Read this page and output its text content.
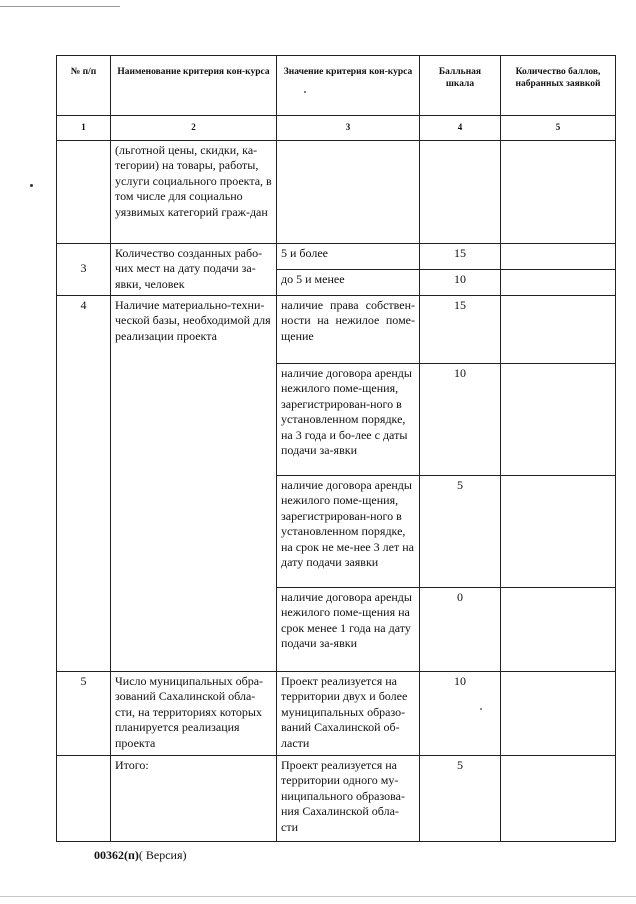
№ п/п	Наименование критерия кон-курса	Значение критерия кон-курса	Балльная шкала	Количество баллов, набранных заявкой
1	2	3	4	5
	(льготной цены, скидки, ка-тегории) на товары, работы, услуги социального проекта, в том числе для социально уязвимых категорий граж-дан			
3	Количество созданных рабо-чих мест на дату подачи за-явки, человек	5 и более	15	
		до 5 и менее	10	
4	Наличие материально-техни-ческой базы, необходимой для реализации проекта	наличие права собствен-ности на нежилое поме-щение	15	
		наличие договора аренды нежилого поме-щения, зарегистрирован-ного в установленном порядке, на 3 года и бо-лее с даты подачи за-явки	10	
		наличие договора аренды нежилого поме-щения, зарегистрирован-ного в установленном порядке, на срок не ме-нее 3 лет на дату подачи заявки	5	
		наличие договора аренды нежилого поме-щения на срок менее 1 года на дату подачи за-явки	0	
5	Число муниципальных обра-зований Сахалинской обла-сти, на территориях которых планируется реализация проекта	Проект реализуется на территории двух и более муниципальных образо-ваний Сахалинской об-ласти	10	
	Итого:	Проект реализуется на территории одного му-ниципального образова-ния Сахалинской обла-сти	5	
00362(п)( Версия)
